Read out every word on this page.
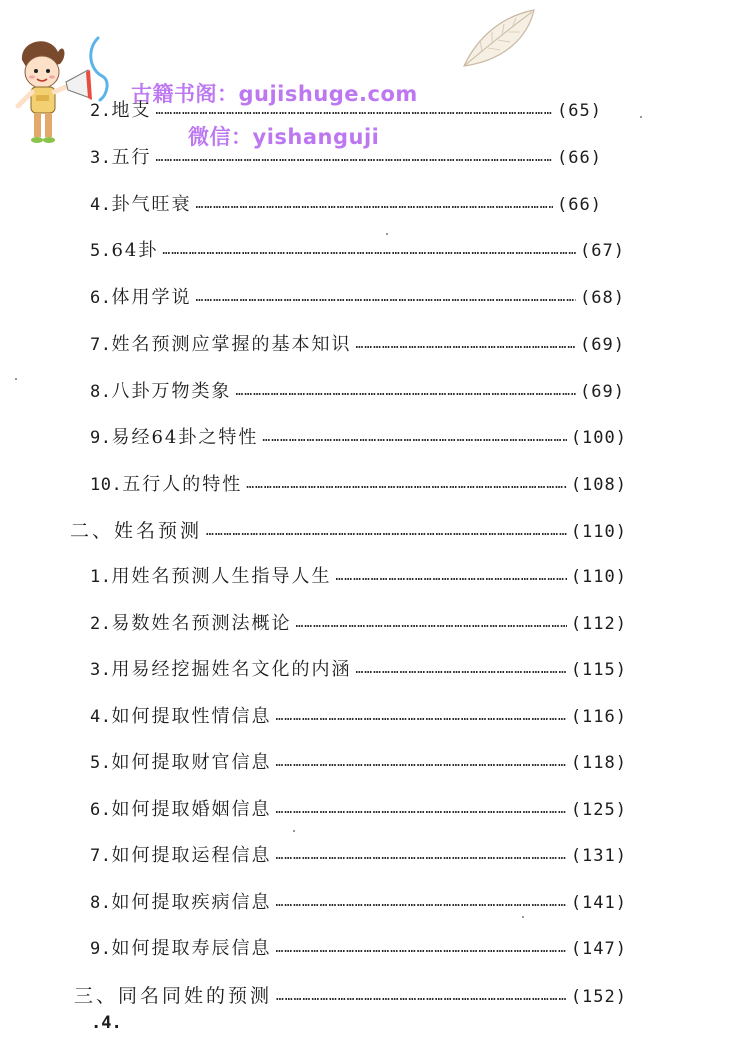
古籍书阁：gujishuge.com
微信：yishanguji
2. 地支 ……………………………………………………………………………………………………………………………………………………	(65)
3. 五行 ……………………………………………………………………………………………………………………………………………………	(66)
4. 卦气旺衰 ……………………………………………………………………………………………………………………………………………………	(66)
5. 64卦 ……………………………………………………………………………………………………………………………………………………	(67)
6. 体用学说 ……………………………………………………………………………………………………………………………………………………	(68)
7. 姓名预测应掌握的基本知识 ……………………………………………………………………………………………………………………………………………………	(69)
8. 八卦万物类象 ……………………………………………………………………………………………………………………………………………………	(69)
9. 易经64卦之特性 ……………………………………………………………………………………………………………………………………………………	(100)
10. 五行人的特性 ……………………………………………………………………………………………………………………………………………………	(108)
二、 姓名预测 ……………………………………………………………………………………………………………………………………………………	(110)
1. 用姓名预测人生指导人生 ……………………………………………………………………………………………………………………………………………………	(110)
2. 易数姓名预测法概论 ……………………………………………………………………………………………………………………………………………………	(112)
3. 用易经挖掘姓名文化的内涵 ……………………………………………………………………………………………………………………………………………………	(115)
4. 如何提取性情信息 ……………………………………………………………………………………………………………………………………………………	(116)
5. 如何提取财官信息 ……………………………………………………………………………………………………………………………………………………	(118)
6. 如何提取婚姻信息 ……………………………………………………………………………………………………………………………………………………	(125)
7. 如何提取运程信息 ……………………………………………………………………………………………………………………………………………………	(131)
8. 如何提取疾病信息 ……………………………………………………………………………………………………………………………………………………	(141)
9. 如何提取寿辰信息 ……………………………………………………………………………………………………………………………………………………	(147)
三、 同名同姓的预测 ……………………………………………………………………………………………………………………………………………………	(152)
.4.
